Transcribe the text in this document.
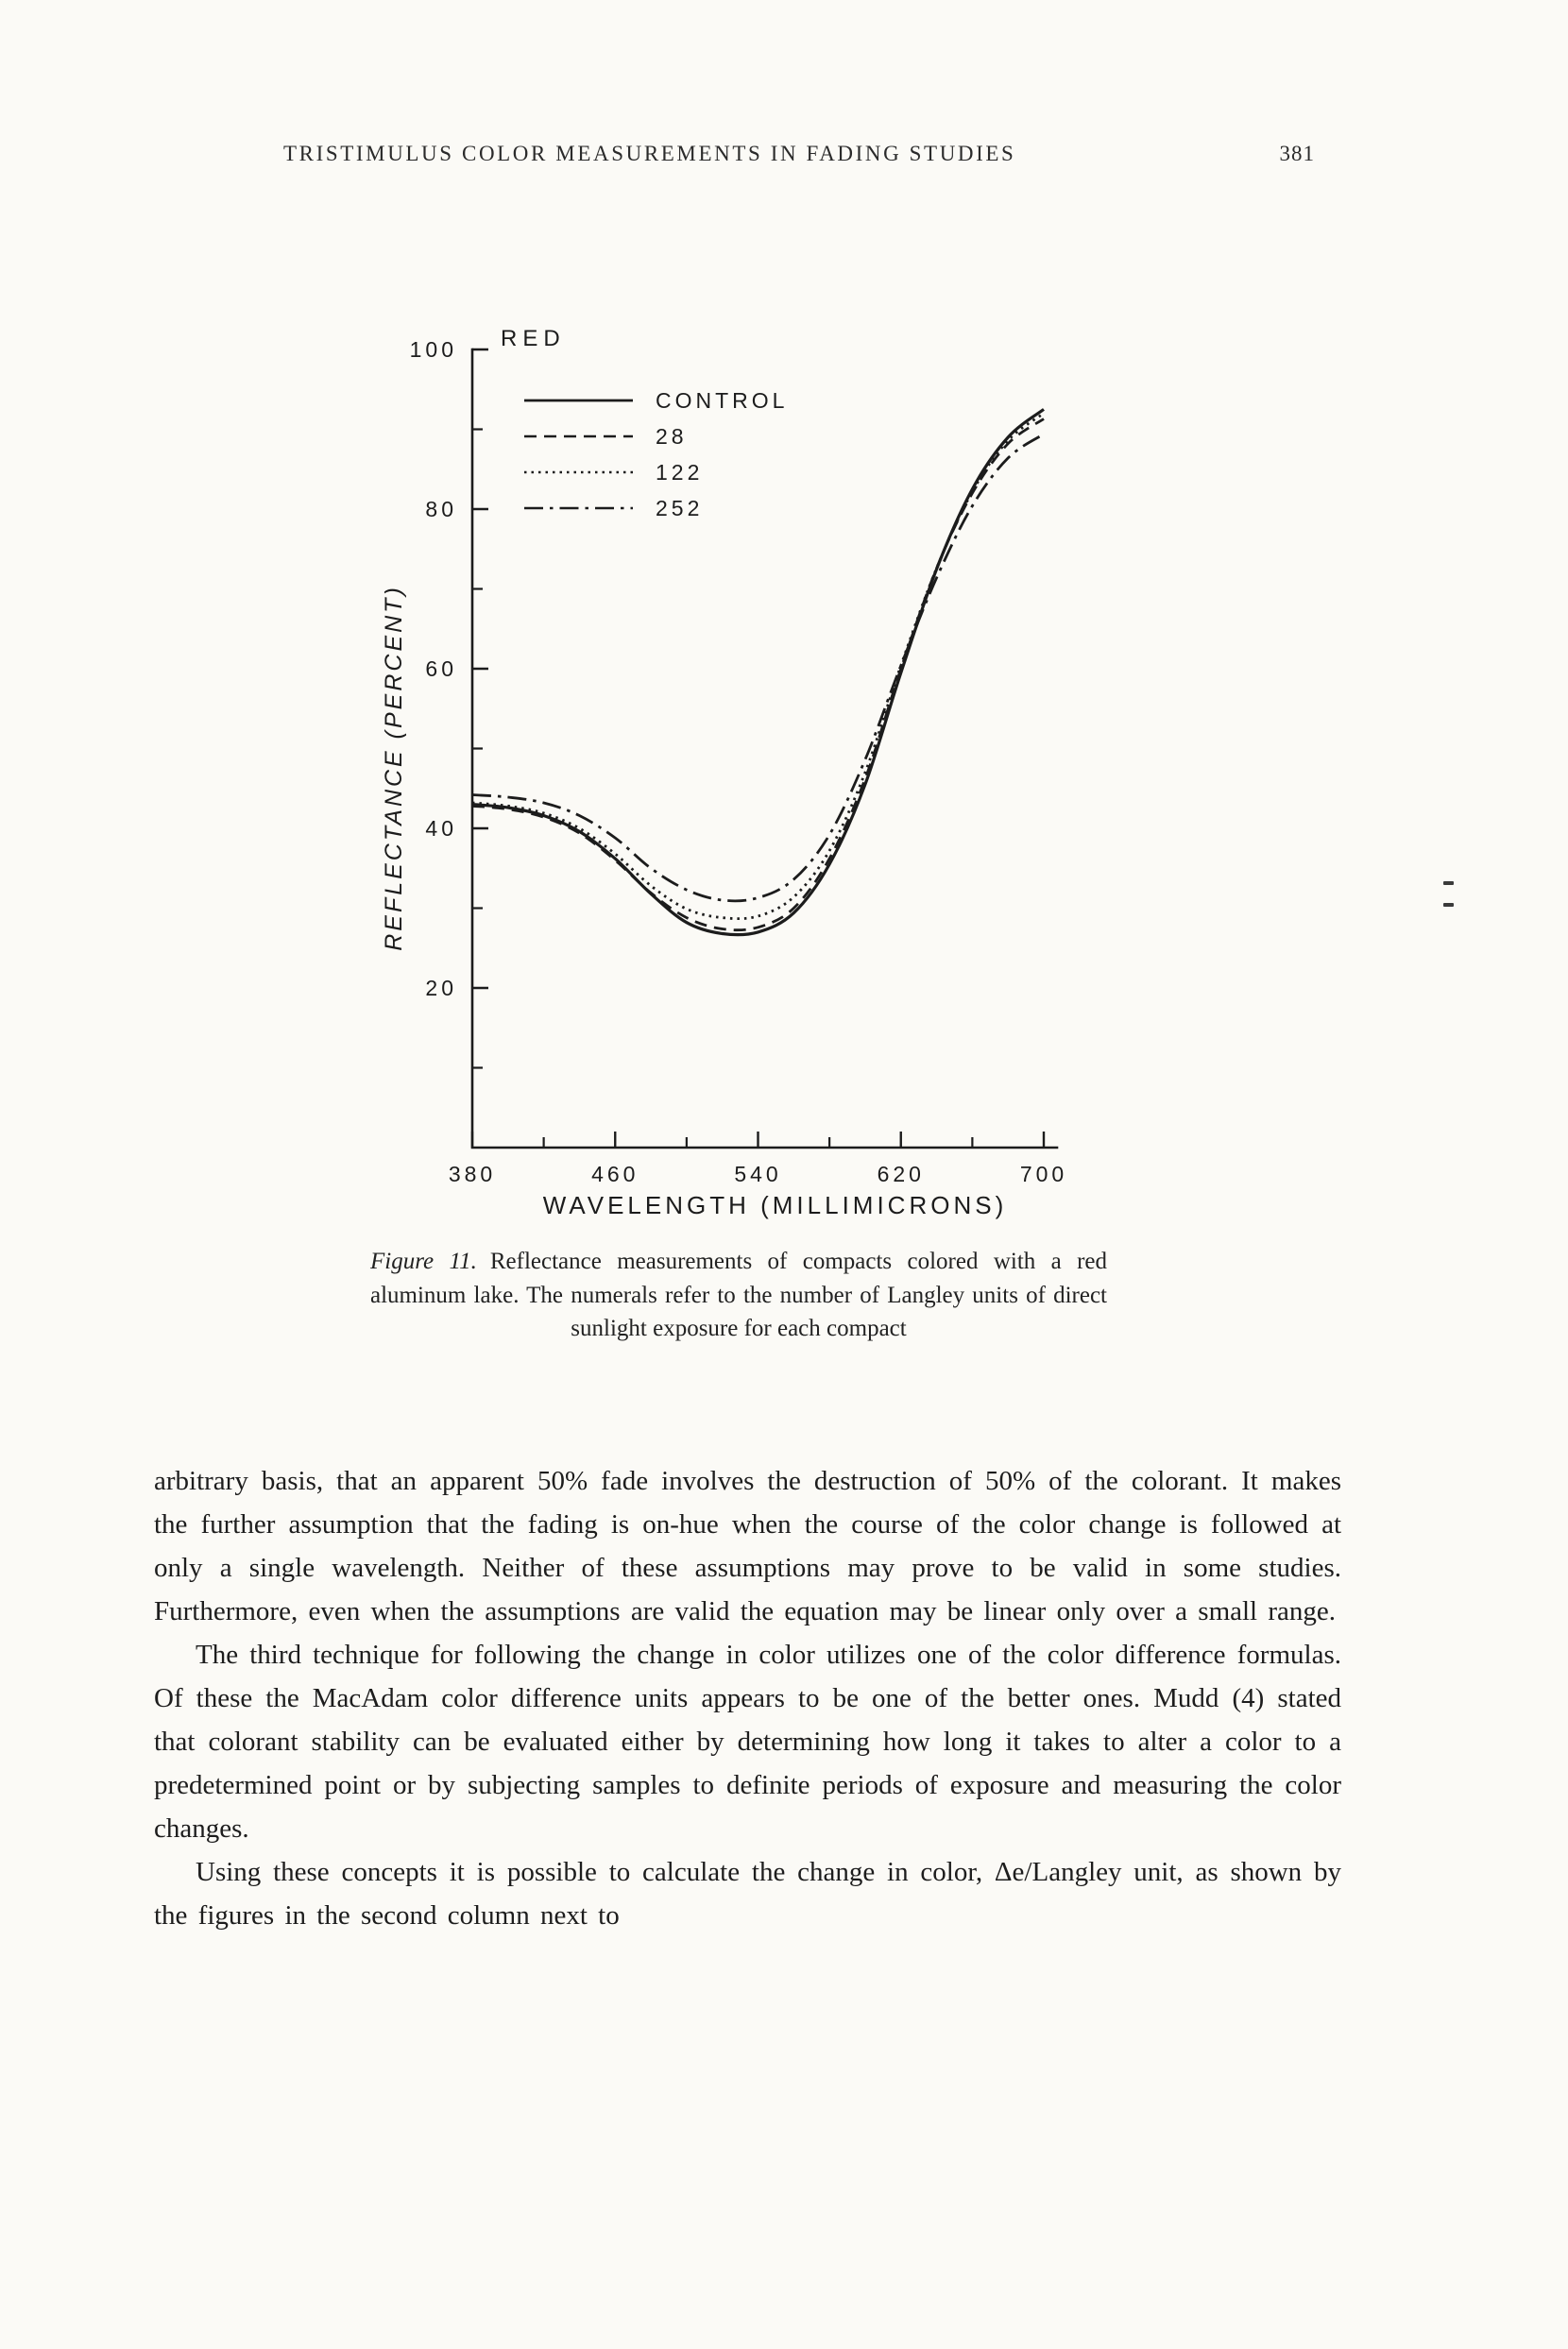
TRISTIMULUS COLOR MEASUREMENTS IN FADING STUDIES	381
20
40
60
80
100
380	460	540	620	700
RED
WAVELENGTH (MILLIMICRONS)
REFLECTANCE (PERCENT)
CONTROL
28
122
252
Figure 11. Reflectance measurements of compacts colored with a red aluminum lake. The numerals refer to the number of Langley units of direct sunlight exposure for each compact

arbitrary basis, that an apparent 50% fade involves the destruction of 50% of the colorant. It makes the further assumption that the fading is on-hue when the course of the color change is followed at only a single wavelength. Neither of these assumptions may prove to be valid in some studies. Furthermore, even when the assumptions are valid the equation may be linear only over a small range.

The third technique for following the change in color utilizes one of the color difference formulas. Of these the MacAdam color difference units appears to be one of the better ones. Mudd (4) stated that colorant stability can be evaluated either by determining how long it takes to alter a color to a predetermined point or by subjecting samples to definite periods of exposure and measuring the color changes.

Using these concepts it is possible to calculate the change in color, Δe/Langley unit, as shown by the figures in the second column next to
